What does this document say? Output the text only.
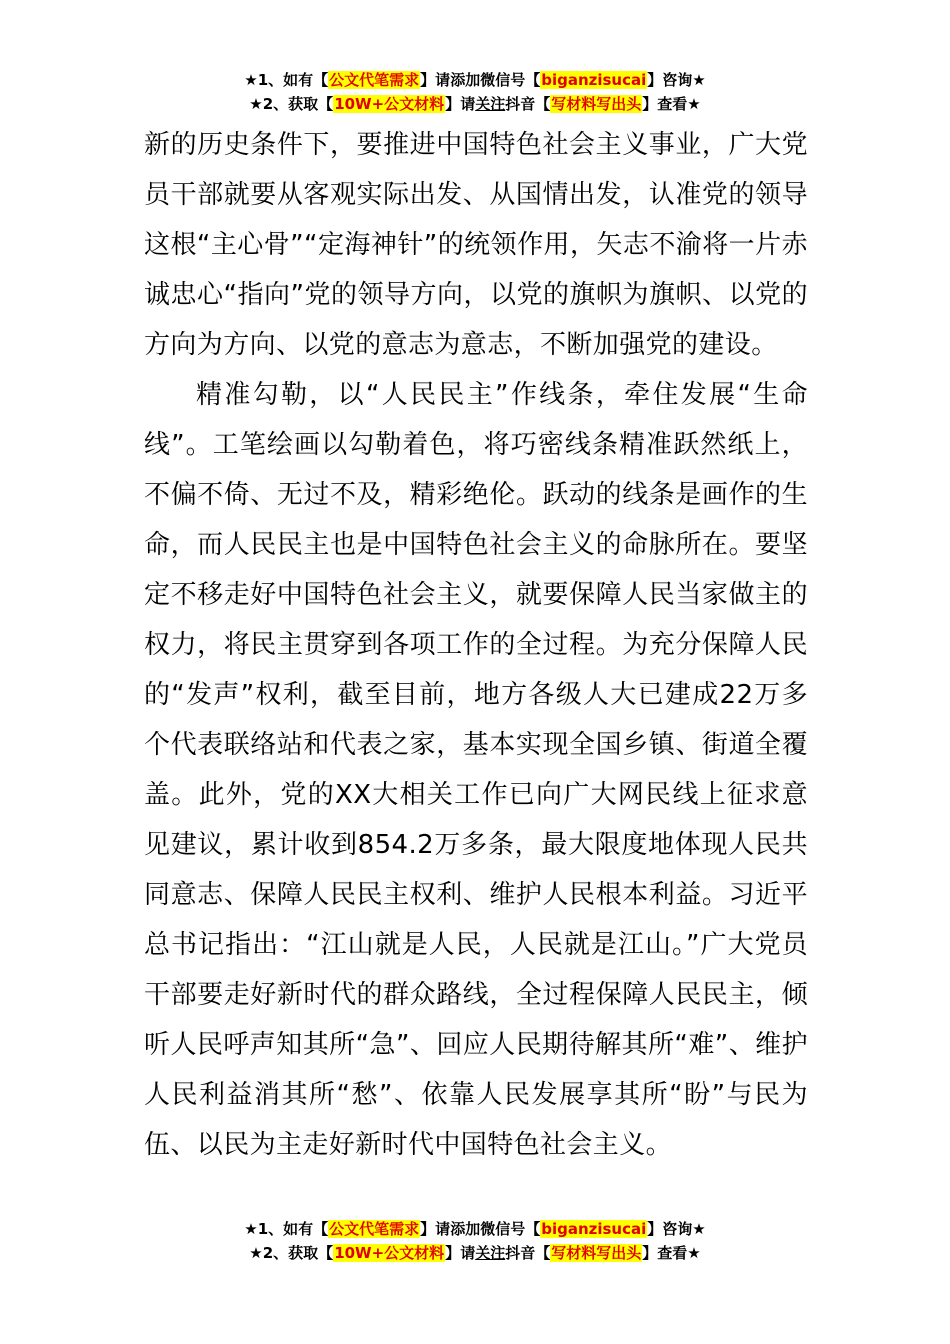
★1、如有【公文代笔需求】请添加微信号【biganzisucai】咨询★
★2、获取【10W+公文材料】请关注抖音【写材料写出头】查看★

新的历史条件下，要推进中国特色社会主义事业，广大党员干部就要从客观实际出发、从国情出发，认准党的领导这根“主心骨”“定海神针”的统领作用，矢志不渝将一片赤诚忠心“指向”党的领导方向，以党的旗帜为旗帜、以党的方向为方向、以党的意志为意志，不断加强党的建设。

精准勾勒，以“人民民主”作线条，牵住发展“生命线”。工笔绘画以勾勒着色，将巧密线条精准跃然纸上，不偏不倚、无过不及，精彩绝伦。跃动的线条是画作的生命，而人民民主也是中国特色社会主义的命脉所在。要坚定不移走好中国特色社会主义，就要保障人民当家做主的权力，将民主贯穿到各项工作的全过程。为充分保障人民的“发声”权利，截至目前，地方各级人大已建成22万多个代表联络站和代表之家，基本实现全国乡镇、街道全覆盖。此外，党的XX大相关工作已向广大网民线上征求意见建议，累计收到854.2万多条，最大限度地体现人民共同意志、保障人民民主权利、维护人民根本利益。习近平总书记指出：“江山就是人民，人民就是江山。”广大党员干部要走好新时代的群众路线，全过程保障人民民主，倾听人民呼声知其所“急”、回应人民期待解其所“难”、维护人民利益消其所“愁”、依靠人民发展享其所“盼”与民为伍、以民为主走好新时代中国特色社会主义。

★1、如有【公文代笔需求】请添加微信号【biganzisucai】咨询★
★2、获取【10W+公文材料】请关注抖音【写材料写出头】查看★
